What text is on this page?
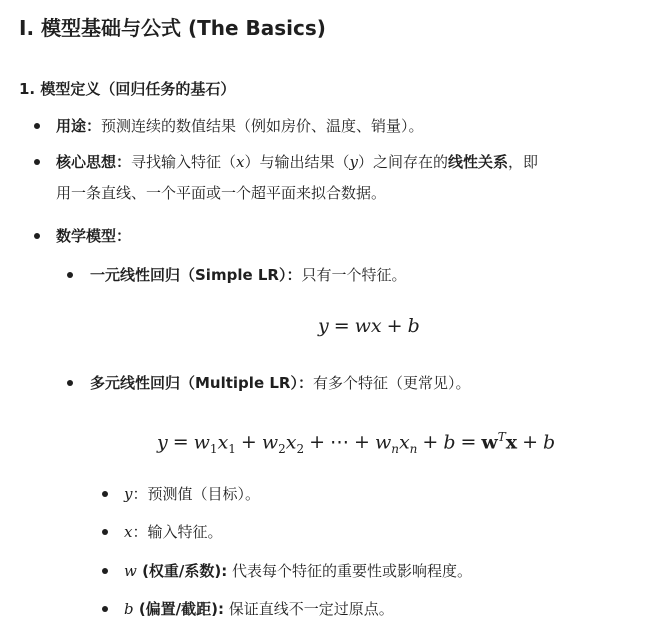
I. 模型基础与公式 (The Basics)
1. 模型定义（回归任务的基石）
用途：预测连续的数值结果（例如房价、温度、销量）。
核心思想：寻找输入特征（x）与输出结果（y）之间存在的线性关系，即
用一条直线、一个平面或一个超平面来拟合数据。
数学模型：
一元线性回归（Simple LR）：只有一个特征。
y = wx + b
多元线性回归（Multiple LR）：有多个特征（更常见）。
$y = w_1x_1 + w_2x_2$ + ⋯ + $w_nx_n + b = w^Tx + b$
y：预测值（目标）。
x：输入特征。
w (权重/系数): 代表每个特征的重要性或影响程度。
b (偏置/截距): 保证直线不一定过原点。
